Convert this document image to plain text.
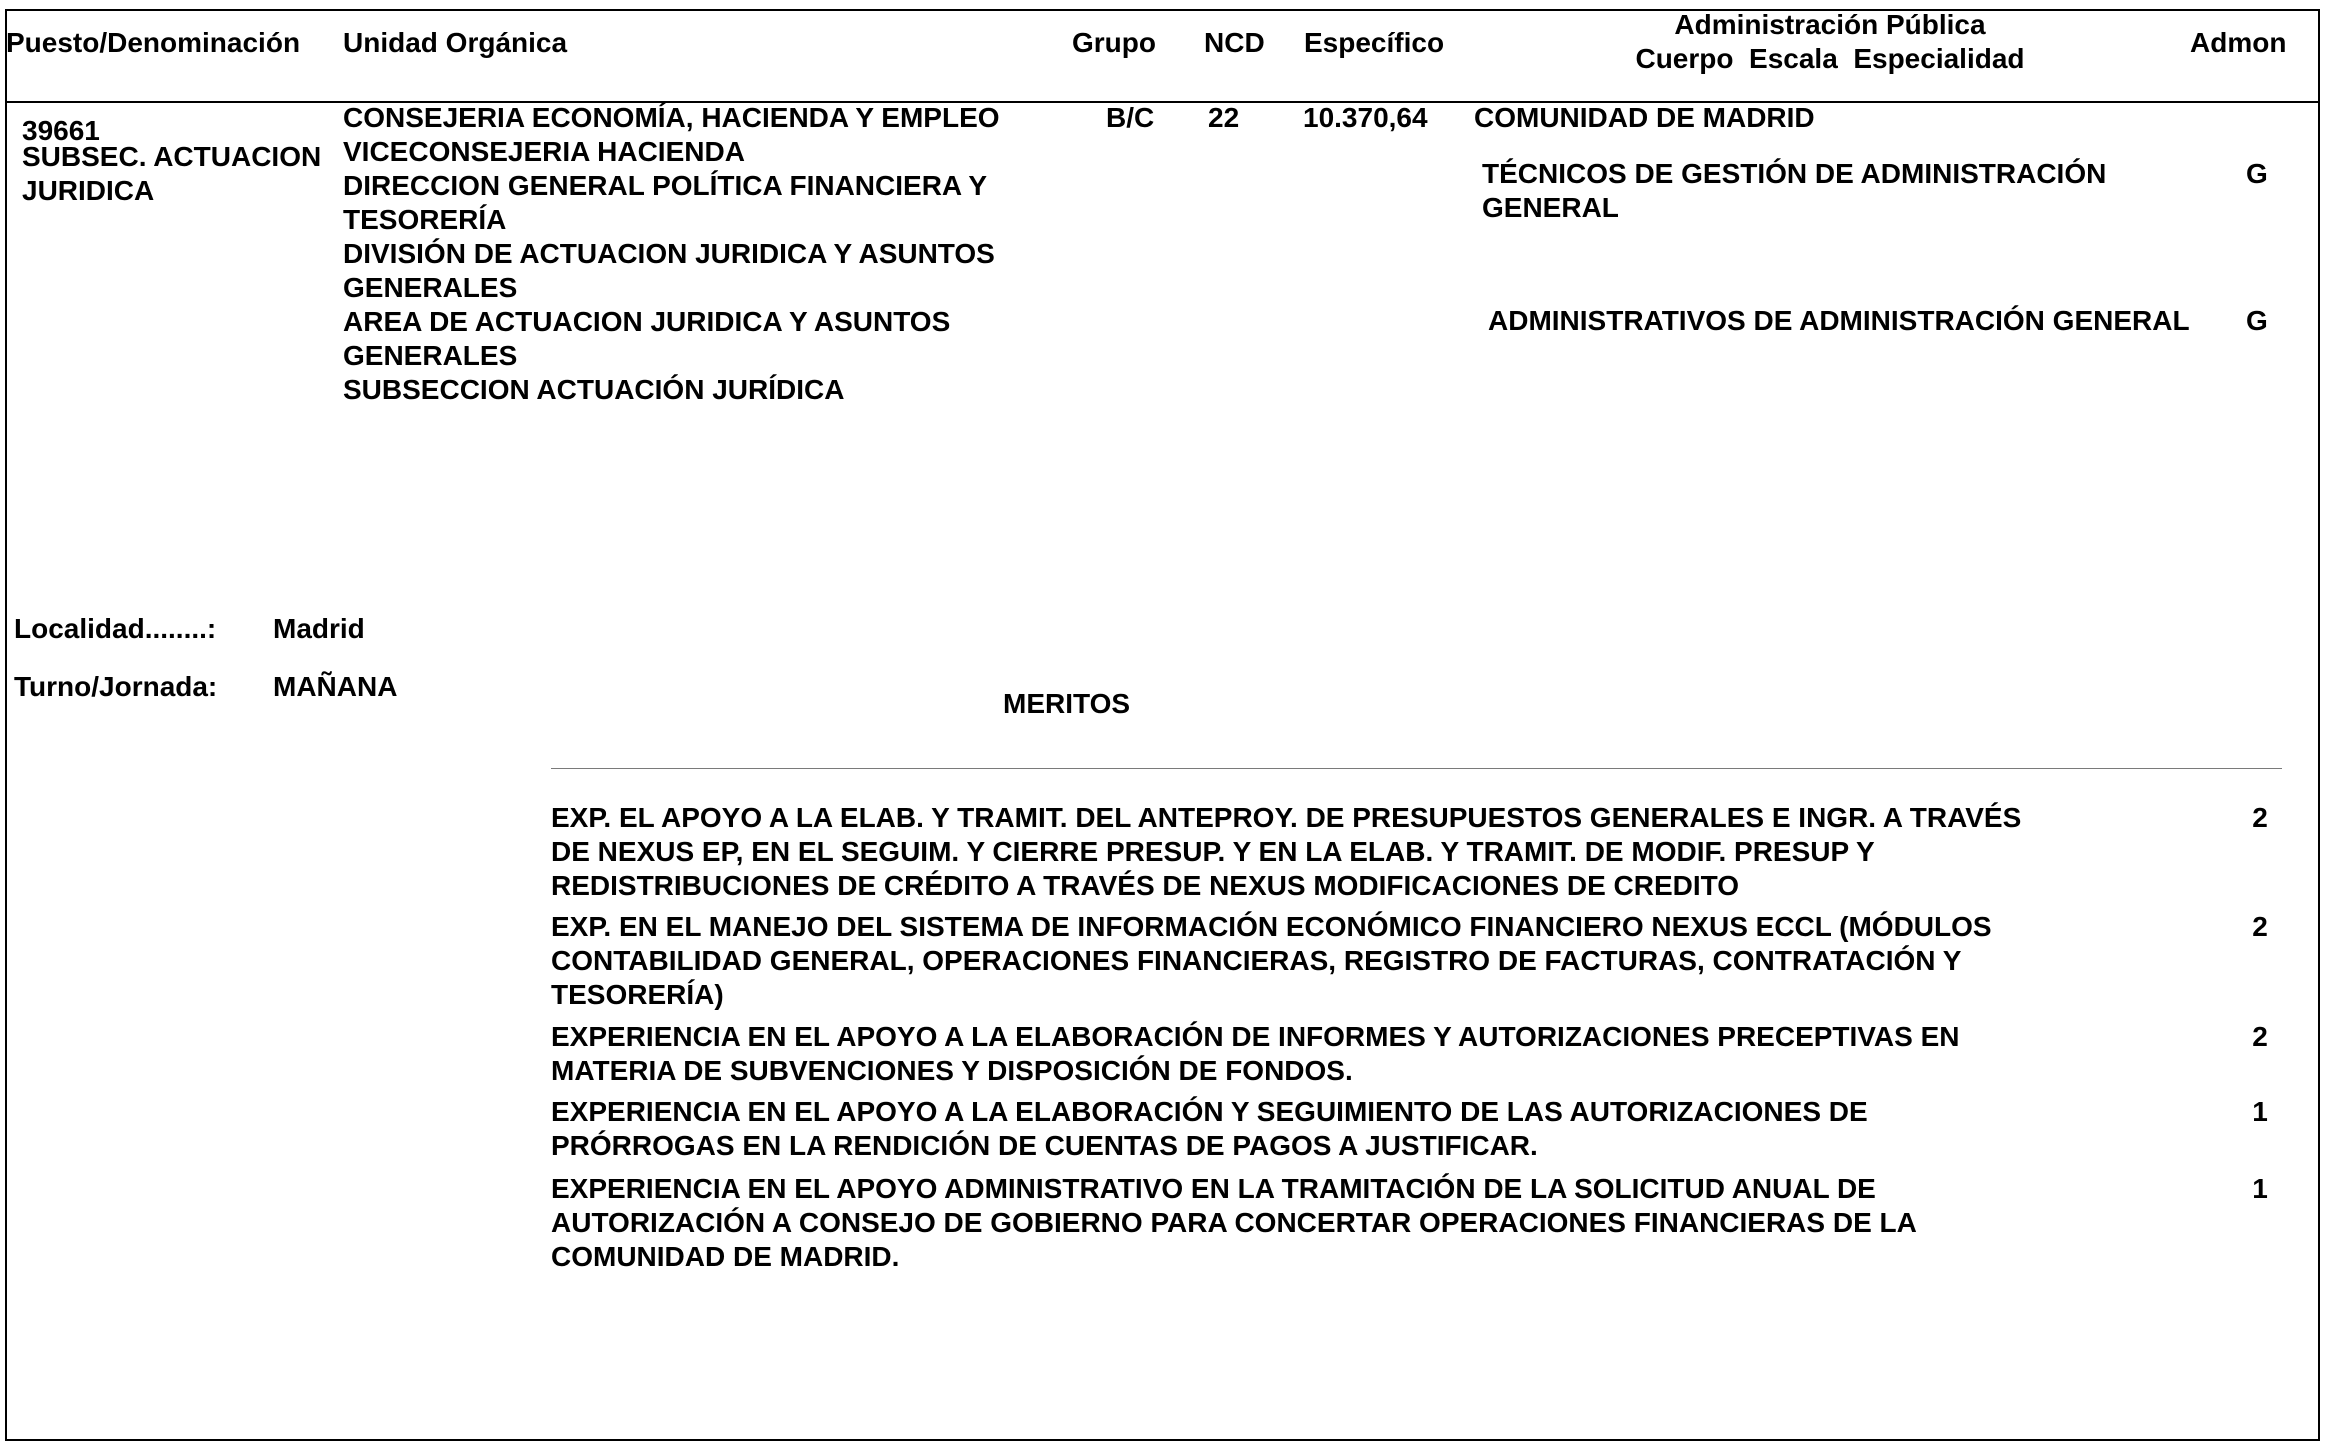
Puesto/Denominación Unidad Orgánica	Grupo NCD Específico
Administración Pública
Cuerpo  Escala  Especialidad
Admon
39661
SUBSEC. ACTUACION
JURIDICA
CONSEJERIA ECONOMÍA, HACIENDA Y EMPLEO
VICECONSEJERIA HACIENDA
DIRECCION GENERAL POLÍTICA FINANCIERA Y
TESORERÍA
DIVISIÓN DE ACTUACION JURIDICA Y ASUNTOS
GENERALES
AREA DE ACTUACION JURIDICA Y ASUNTOS
GENERALES
SUBSECCION ACTUACIÓN JURÍDICA
B/C 22 10.370,64 COMUNIDAD DE MADRID
TÉCNICOS DE GESTIÓN DE ADMINISTRACIÓN
GENERAL
G
ADMINISTRATIVOS DE ADMINISTRACIÓN GENERAL G
Localidad........: Madrid
Turno/Jornada: MAÑANA
MERITOS
EXP. EL APOYO A LA ELAB. Y TRAMIT. DEL ANTEPROY. DE PRESUPUESTOS GENERALES E INGR. A TRAVÉS
DE NEXUS EP, EN EL SEGUIM. Y CIERRE PRESUP. Y EN LA ELAB. Y TRAMIT. DE MODIF. PRESUP Y
REDISTRIBUCIONES DE CRÉDITO A TRAVÉS DE NEXUS MODIFICACIONES DE CREDITO
2
EXP. EN EL MANEJO DEL SISTEMA DE INFORMACIÓN ECONÓMICO FINANCIERO NEXUS ECCL (MÓDULOS
CONTABILIDAD GENERAL, OPERACIONES FINANCIERAS, REGISTRO DE FACTURAS, CONTRATACIÓN Y
TESORERÍA)
2
EXPERIENCIA EN EL APOYO A LA ELABORACIÓN DE INFORMES Y AUTORIZACIONES PRECEPTIVAS EN
MATERIA DE SUBVENCIONES Y DISPOSICIÓN DE FONDOS.
2
EXPERIENCIA EN EL APOYO A LA ELABORACIÓN Y SEGUIMIENTO DE LAS AUTORIZACIONES DE
PRÓRROGAS EN LA RENDICIÓN DE CUENTAS DE PAGOS A JUSTIFICAR.
1
EXPERIENCIA EN EL APOYO ADMINISTRATIVO EN LA TRAMITACIÓN DE LA SOLICITUD ANUAL DE
AUTORIZACIÓN A CONSEJO DE GOBIERNO PARA CONCERTAR OPERACIONES FINANCIERAS DE LA
COMUNIDAD DE MADRID.
1
